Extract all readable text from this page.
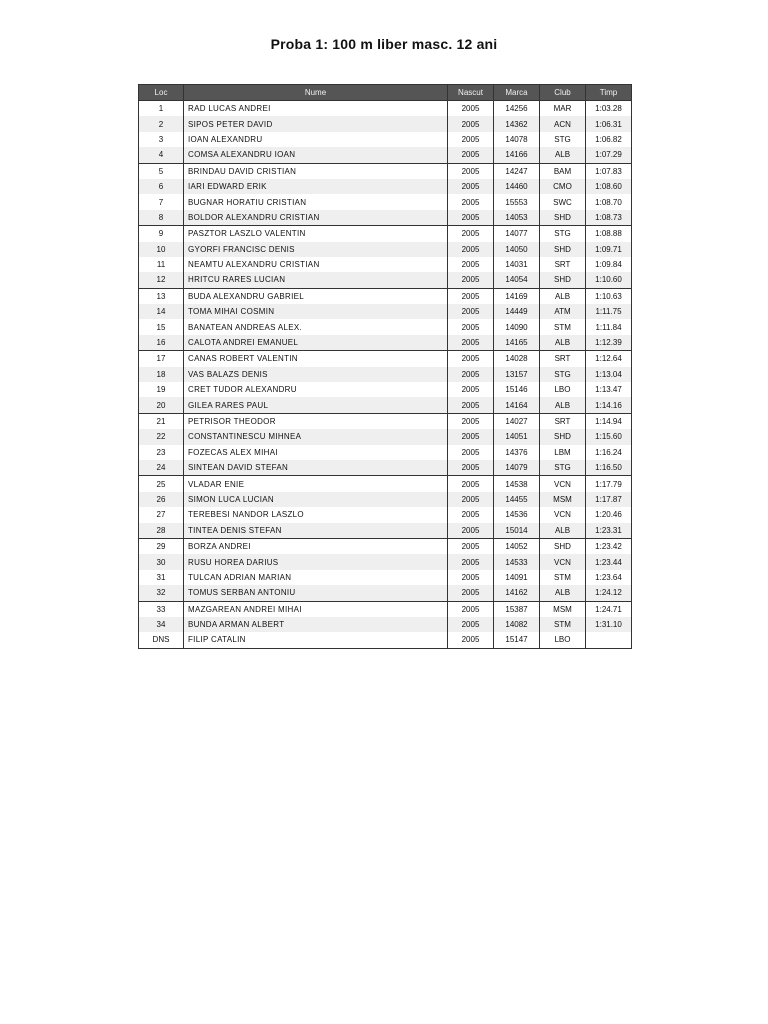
Proba 1: 100 m liber masc. 12 ani
Loc	Nume	Nascut	Marca	Club	Timp
1	RAD LUCAS ANDREI	2005	14256	MAR	1:03.28
2	SIPOS PETER DAVID	2005	14362	ACN	1:06.31
3	IOAN ALEXANDRU	2005	14078	STG	1:06.82
4	COMSA ALEXANDRU IOAN	2005	14166	ALB	1:07.29
5	BRINDAU DAVID CRISTIAN	2005	14247	BAM	1:07.83
6	IARI EDWARD ERIK	2005	14460	CMO	1:08.60
7	BUGNAR HORATIU CRISTIAN	2005	15553	SWC	1:08.70
8	BOLDOR ALEXANDRU CRISTIAN	2005	14053	SHD	1:08.73
9	PASZTOR LASZLO VALENTIN	2005	14077	STG	1:08.88
10	GYORFI FRANCISC DENIS	2005	14050	SHD	1:09.71
11	NEAMTU ALEXANDRU CRISTIAN	2005	14031	SRT	1:09.84
12	HRITCU RARES LUCIAN	2005	14054	SHD	1:10.60
13	BUDA ALEXANDRU GABRIEL	2005	14169	ALB	1:10.63
14	TOMA MIHAI COSMIN	2005	14449	ATM	1:11.75
15	BANATEAN ANDREAS ALEX.	2005	14090	STM	1:11.84
16	CALOTA ANDREI EMANUEL	2005	14165	ALB	1:12.39
17	CANAS ROBERT VALENTIN	2005	14028	SRT	1:12.64
18	VAS BALAZS DENIS	2005	13157	STG	1:13.04
19	CRET TUDOR ALEXANDRU	2005	15146	LBO	1:13.47
20	GILEA RARES PAUL	2005	14164	ALB	1:14.16
21	PETRISOR THEODOR	2005	14027	SRT	1:14.94
22	CONSTANTINESCU MIHNEA	2005	14051	SHD	1:15.60
23	FOZECAS ALEX MIHAI	2005	14376	LBM	1:16.24
24	SINTEAN DAVID STEFAN	2005	14079	STG	1:16.50
25	VLADAR ENIE	2005	14538	VCN	1:17.79
26	SIMON LUCA LUCIAN	2005	14455	MSM	1:17.87
27	TEREBESI NANDOR LASZLO	2005	14536	VCN	1:20.46
28	TINTEA DENIS STEFAN	2005	15014	ALB	1:23.31
29	BORZA ANDREI	2005	14052	SHD	1:23.42
30	RUSU HOREA DARIUS	2005	14533	VCN	1:23.44
31	TULCAN ADRIAN MARIAN	2005	14091	STM	1:23.64
32	TOMUS SERBAN ANTONIU	2005	14162	ALB	1:24.12
33	MAZGAREAN ANDREI MIHAI	2005	15387	MSM	1:24.71
34	BUNDA ARMAN ALBERT	2005	14082	STM	1:31.10
DNS	FILIP CATALIN	2005	15147	LBO	
